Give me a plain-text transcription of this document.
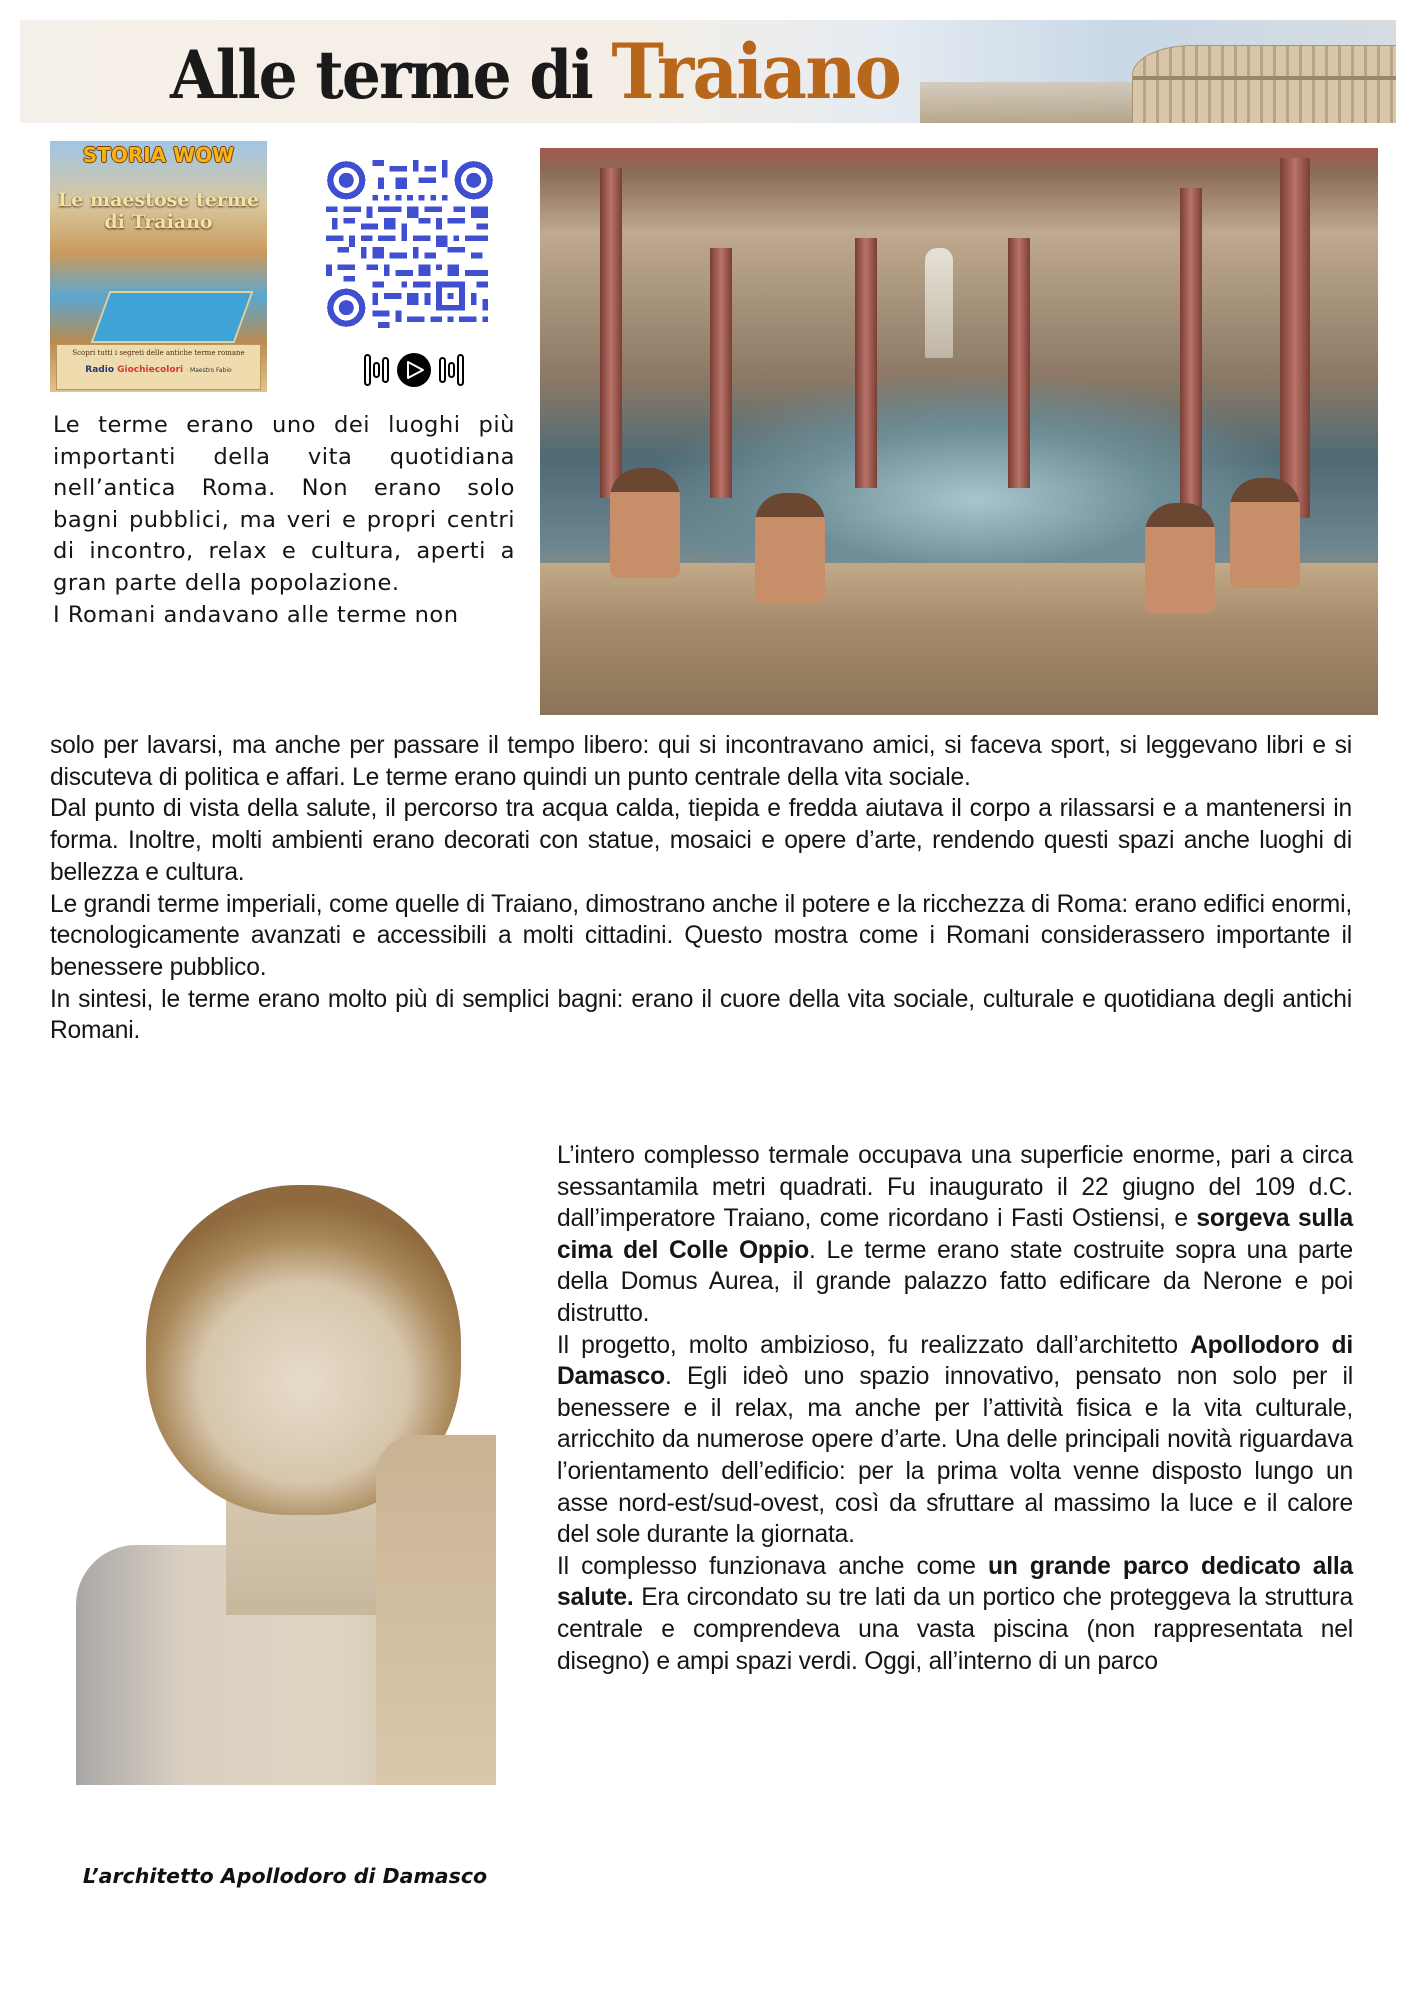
Alle terme di Traiano
STORIA WOW
Le maestose terme di Traiano
Scopri tutti i segreti delle antiche terme romane
Radio Giochiecolori · Maestro Fabio

Le terme erano uno dei luoghi più importanti della vita quotidiana nell’antica Roma. Non erano solo bagni pubblici, ma veri e propri centri di incontro, relax e cultura, aperti a gran parte della popolazione.

I Romani andavano alle terme non

solo per lavarsi, ma anche per passare il tempo libero: qui si incontravano amici, si faceva sport, si leggevano libri e si discuteva di politica e affari. Le terme erano quindi un punto centrale della vita sociale.

Dal punto di vista della salute, il percorso tra acqua calda, tiepida e fredda aiutava il corpo a rilassarsi e a mantenersi in forma. Inoltre, molti ambienti erano decorati con statue, mosaici e opere d’arte, rendendo questi spazi anche luoghi di bellezza e cultura.

Le grandi terme imperiali, come quelle di Traiano, dimostrano anche il potere e la ricchezza di Roma: erano edifici enormi, tecnologicamente avanzati e accessibili a molti cittadini. Questo mostra come i Romani considerassero importante il benessere pubblico.

In sintesi, le terme erano molto più di semplici bagni: erano il cuore della vita sociale, culturale e quotidiana degli antichi Romani.

L’architetto Apollodoro di Damasco

L’intero complesso termale occupava una superficie enorme, pari a circa sessantamila metri quadrati. Fu inaugurato il 22 giugno del 109 d.C. dall’imperatore Traiano, come ricordano i Fasti Ostiensi, e sorgeva sulla cima del Colle Oppio. Le terme erano state costruite sopra una parte della Domus Aurea, il grande palazzo fatto edificare da Nerone e poi distrutto.

Il progetto, molto ambizioso, fu realizzato dall’architetto Apollodoro di Damasco. Egli ideò uno spazio innovativo, pensato non solo per il benessere e il relax, ma anche per l’attività fisica e la vita culturale, arricchito da numerose opere d’arte. Una delle principali novità riguardava l’orientamento dell’edificio: per la prima volta venne disposto lungo un asse nord-est/sud-ovest, così da sfruttare al massimo la luce e il calore del sole durante la giornata.

Il complesso funzionava anche come un grande parco dedicato alla salute. Era circondato su tre lati da un portico che proteggeva la struttura centrale e comprendeva una vasta piscina (non rappresentata nel disegno) e ampi spazi verdi. Oggi, all’interno di un parco
